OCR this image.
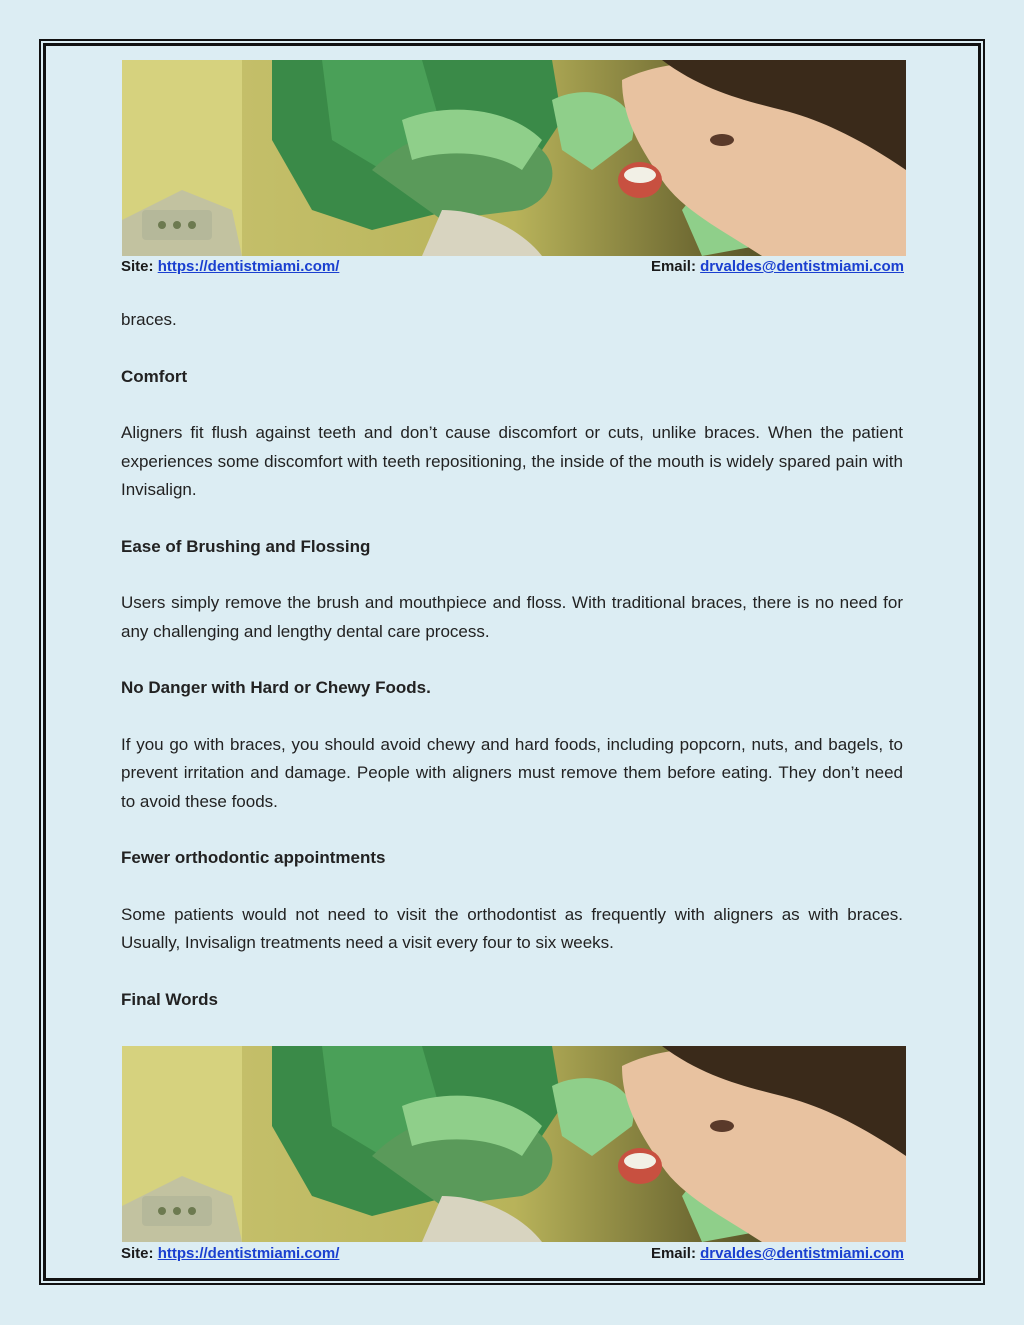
Site: https://dentistmiami.com/	Email: drvaldes@dentistmiami.com

braces.

Comfort

Aligners fit flush against teeth and don’t cause discomfort or cuts, unlike braces. When the patient experiences some discomfort with teeth repositioning, the inside of the mouth is widely spared pain with Invisalign.

Ease of Brushing and Flossing

Users simply remove the brush and mouthpiece and floss. With traditional braces, there is no need for any challenging and lengthy dental care process.

No Danger with Hard or Chewy Foods.

If you go with braces, you should avoid chewy and hard foods, including popcorn, nuts, and bagels, to prevent irritation and damage. People with aligners must remove them before eating. They don’t need to avoid these foods.

Fewer orthodontic appointments

Some patients would not need to visit the orthodontist as frequently with aligners as with braces. Usually, Invisalign treatments need a visit every four to six weeks.

Final Words
Site: https://dentistmiami.com/	Email: drvaldes@dentistmiami.com
